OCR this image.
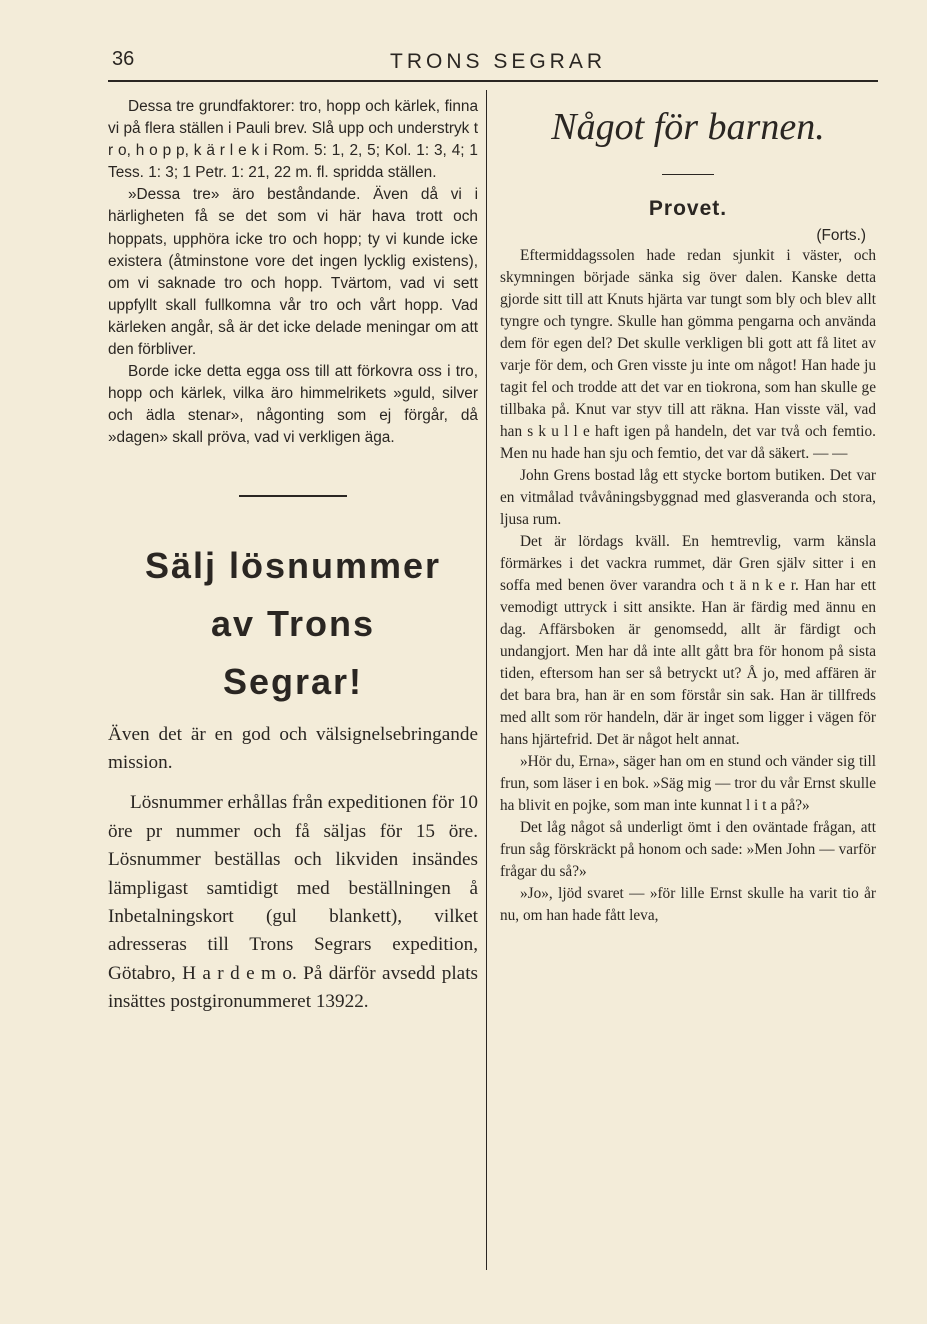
36	TRONS SEGRAR

Dessa tre grundfaktorer: tro, hopp och kärlek, finna vi på flera ställen i Pauli brev. Slå upp och understryk t r o, h o p p, k ä r l e k i Rom. 5: 1, 2, 5; Kol. 1: 3, 4; 1 Tess. 1: 3; 1 Petr. 1: 21, 22 m. fl. spridda ställen.

»Dessa tre» äro beståndande. Även då vi i härligheten få se det som vi här hava trott och hoppats, upphöra icke tro och hopp; ty vi kunde icke existera (åtminstone vore det ingen lycklig existens), om vi saknade tro och hopp. Tvärtom, vad vi sett uppfyllt skall fullkomna vår tro och vårt hopp. Vad kärleken angår, så är det icke delade meningar om att den förbliver.

Borde icke detta egga oss till att förkovra oss i tro, hopp och kärlek, vilka äro himmelrikets »guld, silver och ädla stenar», någonting som ej förgår, då »dagen» skall pröva, vad vi verkligen äga.

Sälj lösnummer
av Trons
Segrar!

Även det är en god och välsignelsebringande mission.

Lösnummer erhållas från expeditionen för 10 öre pr nummer och få säljas för 15 öre. Lösnummer beställas och likviden insändes lämpligast samtidigt med beställningen å Inbetalningskort (gul blankett), vilket adresseras till Trons Segrars expedition, Götabro, H a r d e m o. På därför avsedd plats insättes postgironummeret 13922.

Något för barnen.
Provet.
(Forts.)

Eftermiddagssolen hade redan sjunkit i väster, och skymningen började sänka sig över dalen. Kanske detta gjorde sitt till att Knuts hjärta var tungt som bly och blev allt tyngre och tyngre. Skulle han gömma pengarna och använda dem för egen del? Det skulle verkligen bli gott att få litet av varje för dem, och Gren visste ju inte om något! Han hade ju tagit fel och trodde att det var en tiokrona, som han skulle ge tillbaka på. Knut var styv till att räkna. Han visste väl, vad han s k u l l e haft igen på handeln, det var två och femtio. Men nu hade han sju och femtio, det var då säkert. — —

John Grens bostad låg ett stycke bortom butiken. Det var en vitmålad tvåvåningsbyggnad med glasveranda och stora, ljusa rum.

Det är lördags kväll. En hemtrevlig, varm känsla förmärkes i det vackra rummet, där Gren själv sitter i en soffa med benen över varandra och t ä n k e r. Han har ett vemodigt uttryck i sitt ansikte. Han är färdig med ännu en dag. Affärsboken är genomsedd, allt är färdigt och undangjort. Men har då inte allt gått bra för honom på sista tiden, eftersom han ser så betryckt ut? Å jo, med affären är det bara bra, han är en som förstår sin sak. Han är tillfreds med allt som rör handeln, där är inget som ligger i vägen för hans hjärtefrid. Det är något helt annat.

»Hör du, Erna», säger han om en stund och vänder sig till frun, som läser i en bok. »Säg mig — tror du vår Ernst skulle ha blivit en pojke, som man inte kunnat l i t a på?»

Det låg något så underligt ömt i den oväntade frågan, att frun såg förskräckt på honom och sade: »Men John — varför frågar du så?»

»Jo», ljöd svaret — »för lille Ernst skulle ha varit tio år nu, om han hade fått leva,
